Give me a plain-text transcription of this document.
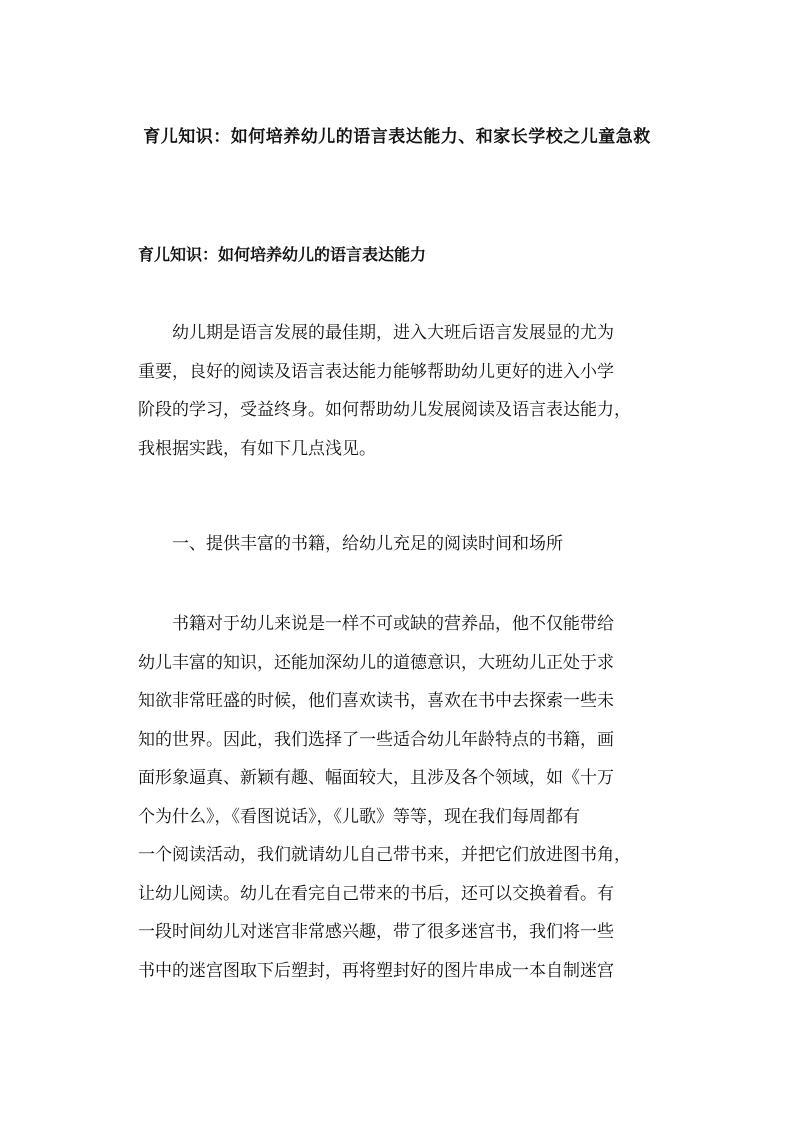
育儿知识：如何培养幼儿的语言表达能力、和家长学校之儿童急救
育儿知识：如何培养幼儿的语言表达能力

幼儿期是语言发展的最佳期，进入大班后语言发展显的尤为
重要，良好的阅读及语言表达能力能够帮助幼儿更好的进入小学
阶段的学习，受益终身。如何帮助幼儿发展阅读及语言表达能力，
我根据实践，有如下几点浅见。

一、提供丰富的书籍，给幼儿充足的阅读时间和场所

书籍对于幼儿来说是一样不可或缺的营养品，他不仅能带给
幼儿丰富的知识，还能加深幼儿的道德意识，大班幼儿正处于求
知欲非常旺盛的时候，他们喜欢读书，喜欢在书中去探索一些未
知的世界。因此，我们选择了一些适合幼儿年龄特点的书籍，画
面形象逼真、新颖有趣、幅面较大，且涉及各个领域，如《十万
个为什么》，《看图说话》，《儿歌》等等，现在我们每周都有
一个阅读活动，我们就请幼儿自己带书来，并把它们放进图书角，
让幼儿阅读。幼儿在看完自己带来的书后，还可以交换着看。有
一段时间幼儿对迷宫非常感兴趣，带了很多迷宫书，我们将一些
书中的迷宫图取下后塑封，再将塑封好的图片串成一本自制迷宫
